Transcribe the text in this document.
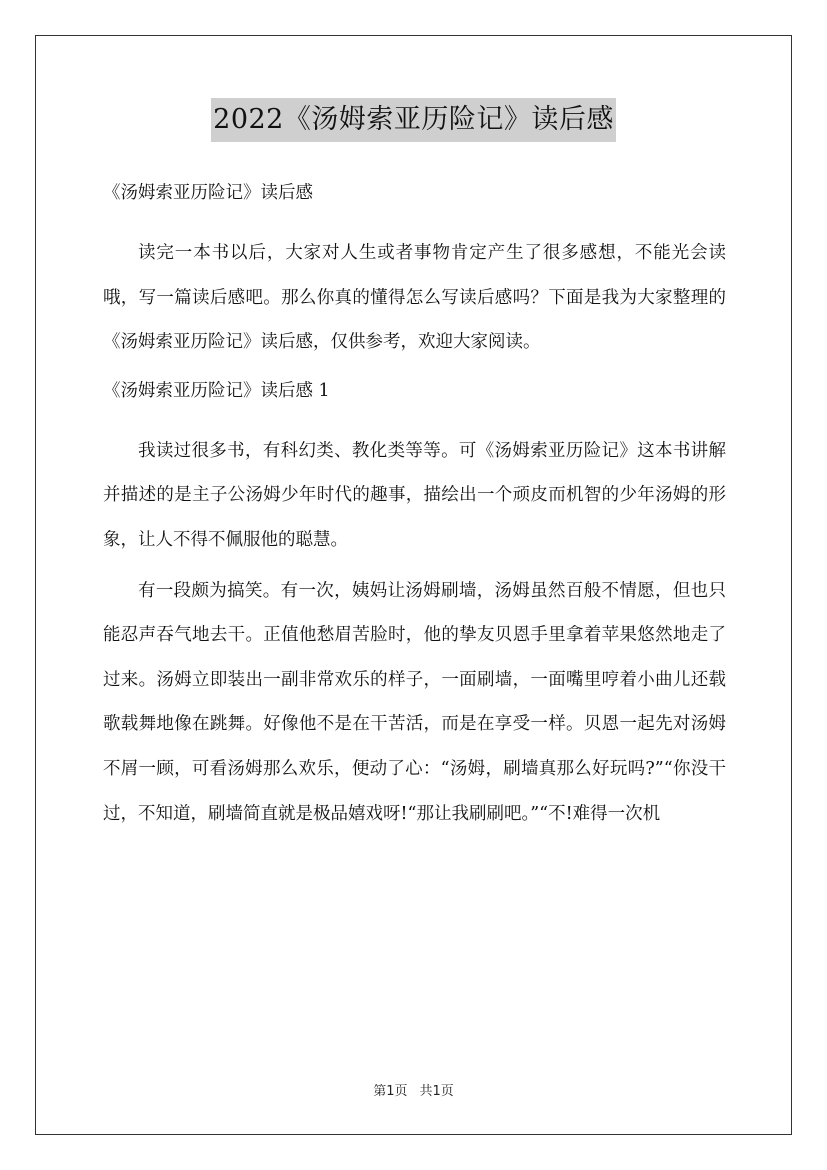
2022《汤姆索亚历险记》读后感
《汤姆索亚历险记》读后感

读完一本书以后，大家对人生或者事物肯定产生了很多感想，不能光会读哦，写一篇读后感吧。那么你真的懂得怎么写读后感吗？下面是我为大家整理的《汤姆索亚历险记》读后感，仅供参考，欢迎大家阅读。

《汤姆索亚历险记》读后感 1

我读过很多书，有科幻类、教化类等等。可《汤姆索亚历险记》这本书讲解并描述的是主子公汤姆少年时代的趣事，描绘出一个顽皮而机智的少年汤姆的形象，让人不得不佩服他的聪慧。

有一段颇为搞笑。有一次，姨妈让汤姆刷墙，汤姆虽然百般不情愿，但也只能忍声吞气地去干。正值他愁眉苦脸时，他的挚友贝恩手里拿着苹果悠然地走了过来。汤姆立即装出一副非常欢乐的样子，一面刷墙，一面嘴里哼着小曲儿还载歌载舞地像在跳舞。好像他不是在干苦活，而是在享受一样。贝恩一起先对汤姆不屑一顾，可看汤姆那么欢乐，便动了心：“汤姆，刷墙真那么好玩吗?”“你没干过，不知道，刷墙简直就是极品嬉戏呀!“那让我刷刷吧。”“不!难得一次机

第1页 共1页
